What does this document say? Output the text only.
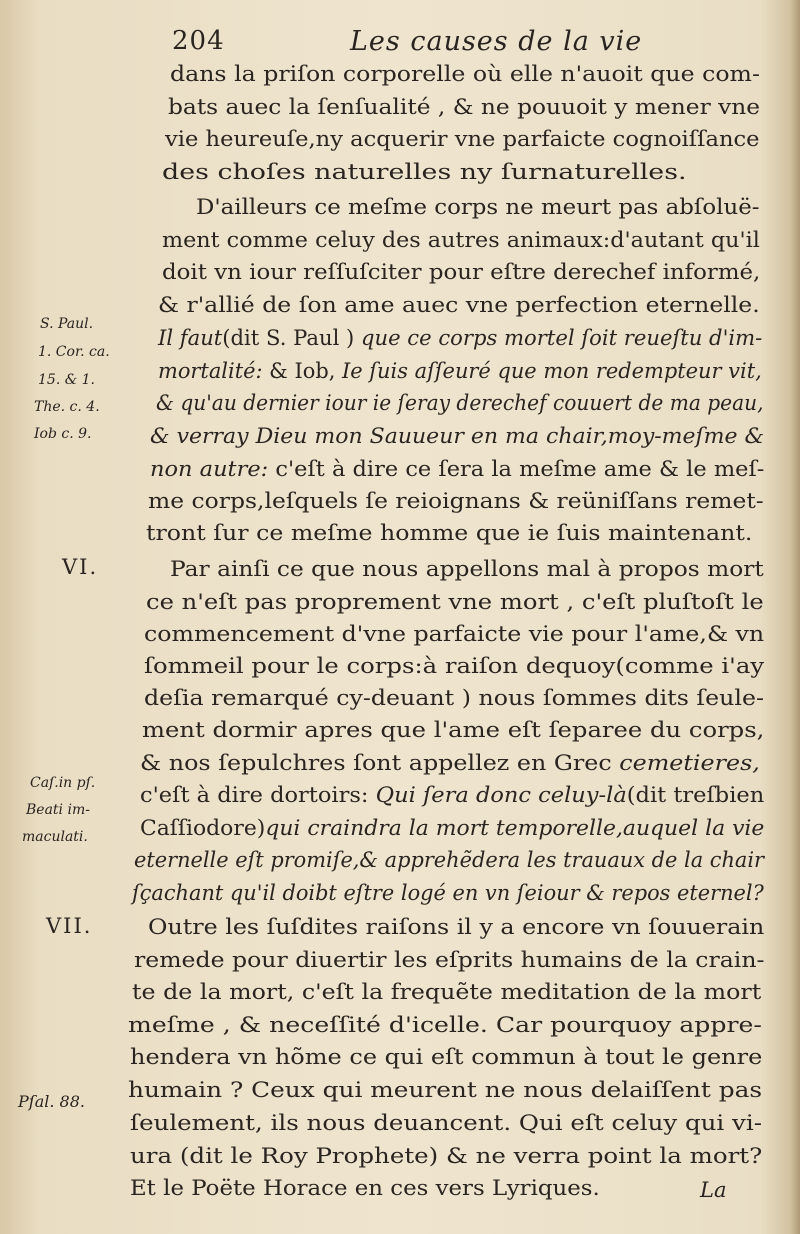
204	Les causes de la vie
dans la priſon corporelle où elle n'auoit que com-
bats auec la ſenſualité , & ne pouuoit y mener vne
vie heureuſe,ny acquerir vne parfaicte cognoiſſance
des choſes naturelles ny ſurnaturelles.
D'ailleurs ce meſme corps ne meurt pas abſoluë-
ment comme celuy des autres animaux:d'autant qu'il
doit vn iour reſſuſciter pour eſtre derechef informé,
& r'allié de ſon ame auec vne perfection eternelle.
Il faut(dit S. Paul ) que ce corps mortel ſoit reueſtu d'im-
mortalité: & Iob, Ie ſuis aſſeuré que mon redempteur vit,
& qu'au dernier iour ie ſeray derechef couuert de ma peau,
& verray Dieu mon Sauueur en ma chair,moy-meſme &
non autre: c'eſt à dire ce ſera la meſme ame & le meſ-
me corps,leſquels ſe reioignans & reüniſſans remet-
tront ſur ce meſme homme que ie ſuis maintenant.
Par ainſi ce que nous appellons mal à propos mort
ce n'eſt pas proprement vne mort , c'eſt pluſtoſt le
commencement d'vne parfaicte vie pour l'ame,& vn
ſommeil pour le corps:à raiſon dequoy(comme i'ay
deſia remarqué cy-deuant ) nous ſommes dits ſeule-
ment dormir apres que l'ame eſt ſeparee du corps,
& nos ſepulchres ſont appellez en Grec cemetieres,
c'eſt à dire dortoirs: Qui ſera donc celuy-là(dit treſbien
Caſſiodore)qui craindra la mort temporelle,auquel la vie
eternelle eſt promiſe,& apprehẽdera les trauaux de la chair
ſçachant qu'il doibt eſtre logé en vn ſeiour & repos eternel?
Outre les ſuſdites raiſons il y a encore vn ſouuerain
remede pour diuertir les eſprits humains de la crain-
te de la mort, c'eſt la frequẽte meditation de la mort
meſme , & neceſſité d'icelle. Car pourquoy appre-
hendera vn hõme ce qui eſt commun à tout le genre
humain ? Ceux qui meurent ne nous delaiſſent pas
ſeulement, ils nous deuancent. Qui eſt celuy qui vi-
ura (dit le Roy Prophete) & ne verra point la mort?
Et le Poëte Horace en ces vers Lyriques.
S. Paul.
1. Cor. ca.
15. & 1.
The. c. 4.
Iob c. 9.
VI.
Caſ.in pſ.
Beati im-
maculati.
VII.
Pſal. 88.
La
